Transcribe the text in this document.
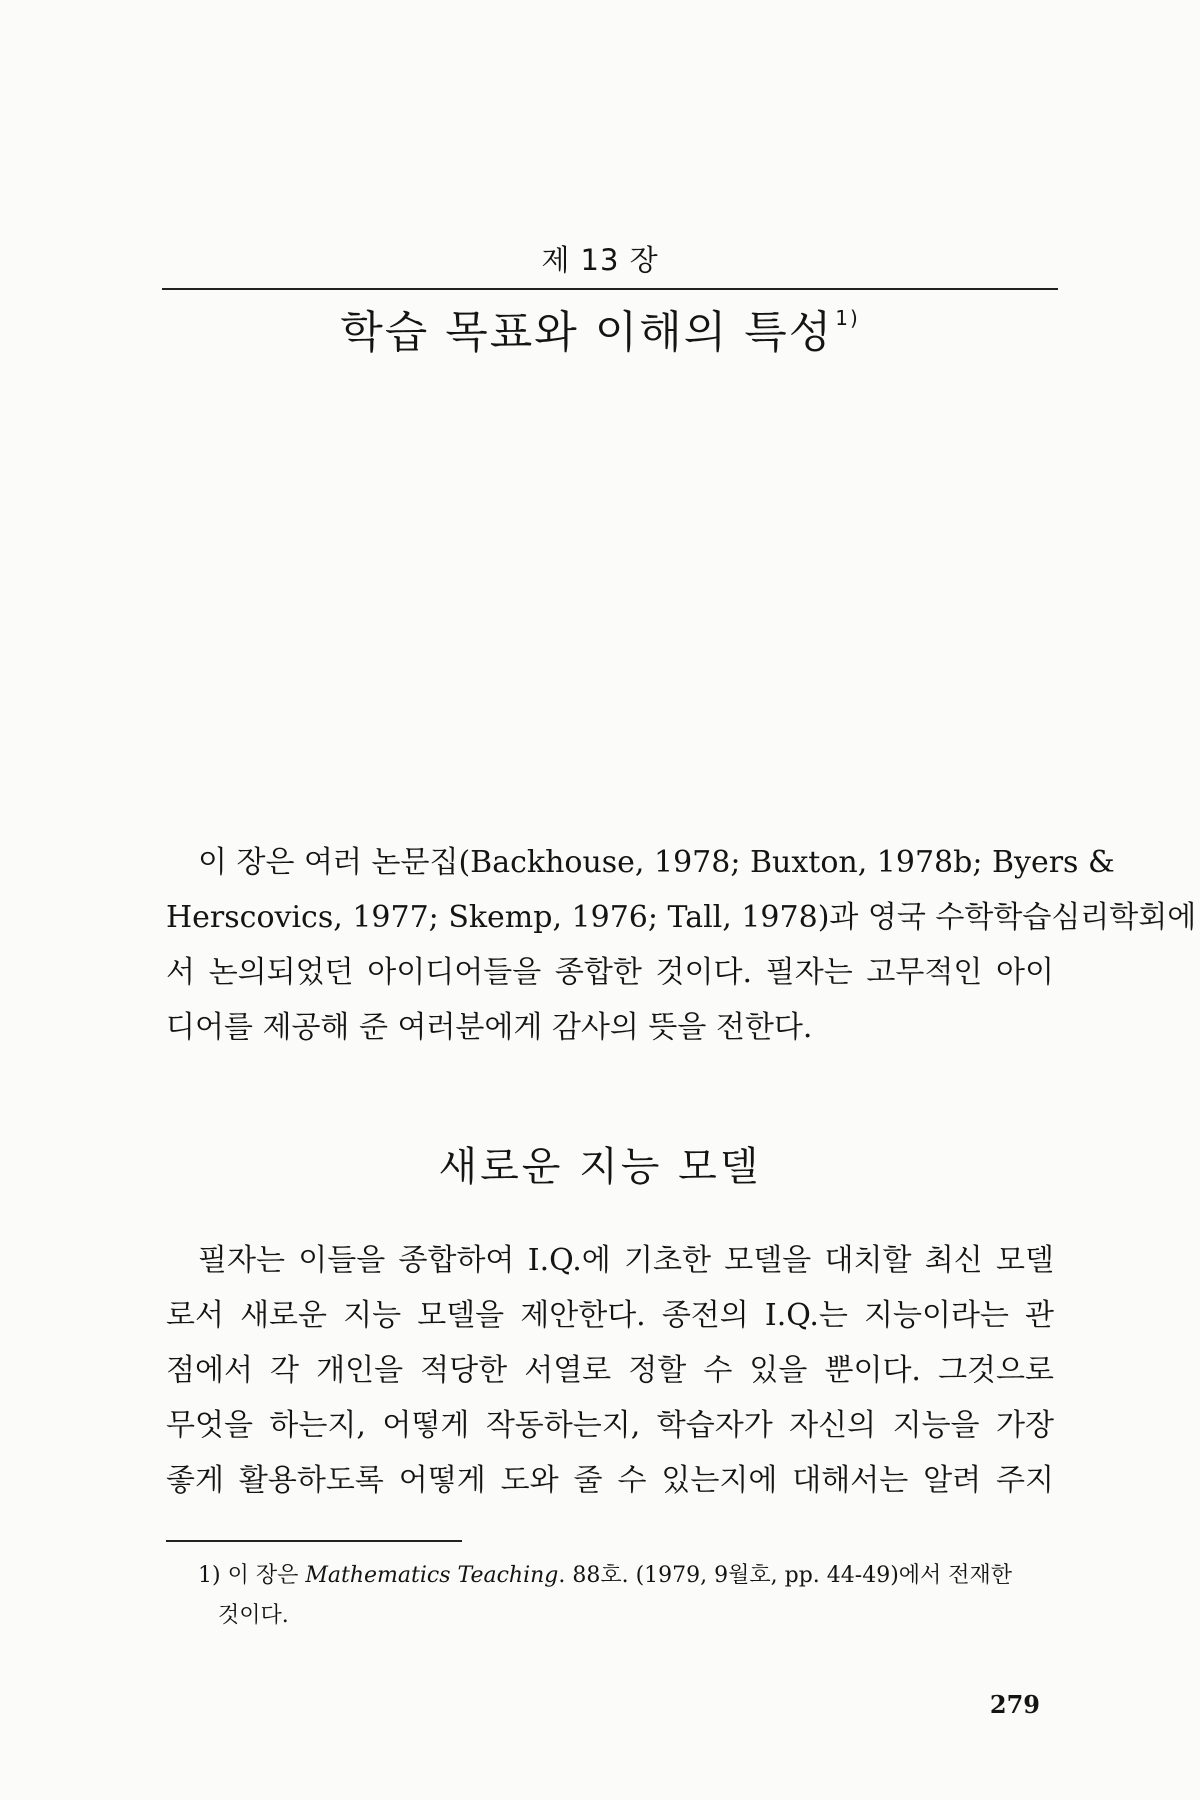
제 13 장
학습 목표와 이해의 특성 $^{1)}$
이 장은 여러 논문집(Backhouse, 1978; Buxton, 1978b; Byers &
Herscovics, 1977; Skemp, 1976; Tall, 1978)과 영국 수학학습심리학회에
서 논의되었던 아이디어들을 종합한 것이다. 필자는 고무적인 아이
디어를 제공해 준 여러분에게 감사의 뜻을 전한다.
새로운 지능 모델
필자는 이들을 종합하여 I.Q.에 기초한 모델을 대치할 최신 모델
로서 새로운 지능 모델을 제안한다. 종전의 I.Q.는 지능이라는 관
점에서 각 개인을 적당한 서열로 정할 수 있을 뿐이다. 그것으로
무엇을 하는지, 어떻게 작동하는지, 학습자가 자신의 지능을 가장
좋게 활용하도록 어떻게 도와 줄 수 있는지에 대해서는 알려 주지
1) 이 장은 Mathematics Teaching. 88호. (1979, 9월호, pp. 44-49)에서 전재한
것이다.
279
